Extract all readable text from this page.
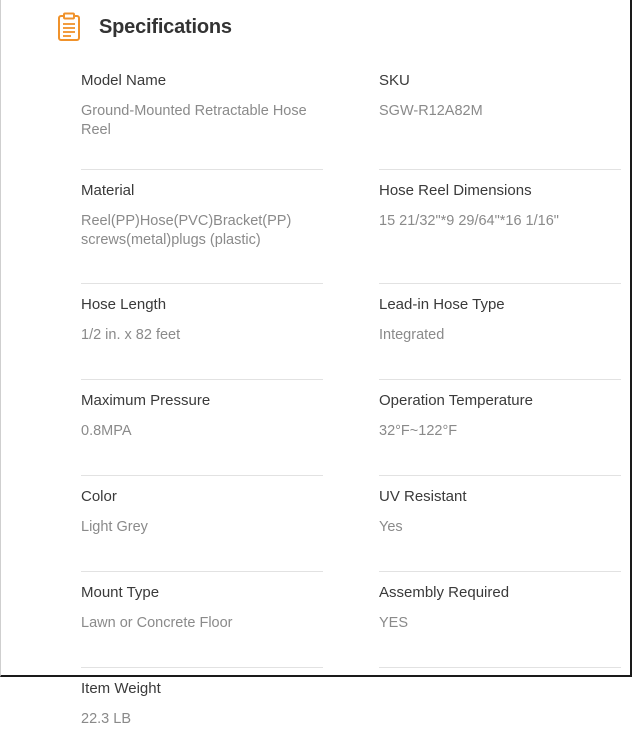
Specifications
Model Name
Ground-Mounted Retractable Hose Reel
SKU
SGW-R12A82M
Material
Reel(PP)Hose(PVC)Bracket(PP) screws(metal)plugs (plastic)
Hose Reel Dimensions
15 21/32"*9 29/64"*16 1/16"
Hose Length
1/2 in. x 82 feet
Lead-in Hose Type
Integrated
Maximum Pressure
0.8MPA
Operation Temperature
32°F~122°F
Color
Light Grey
UV Resistant
Yes
Mount Type
Lawn or Concrete Floor
Assembly Required
YES
Item Weight
22.3 LB
